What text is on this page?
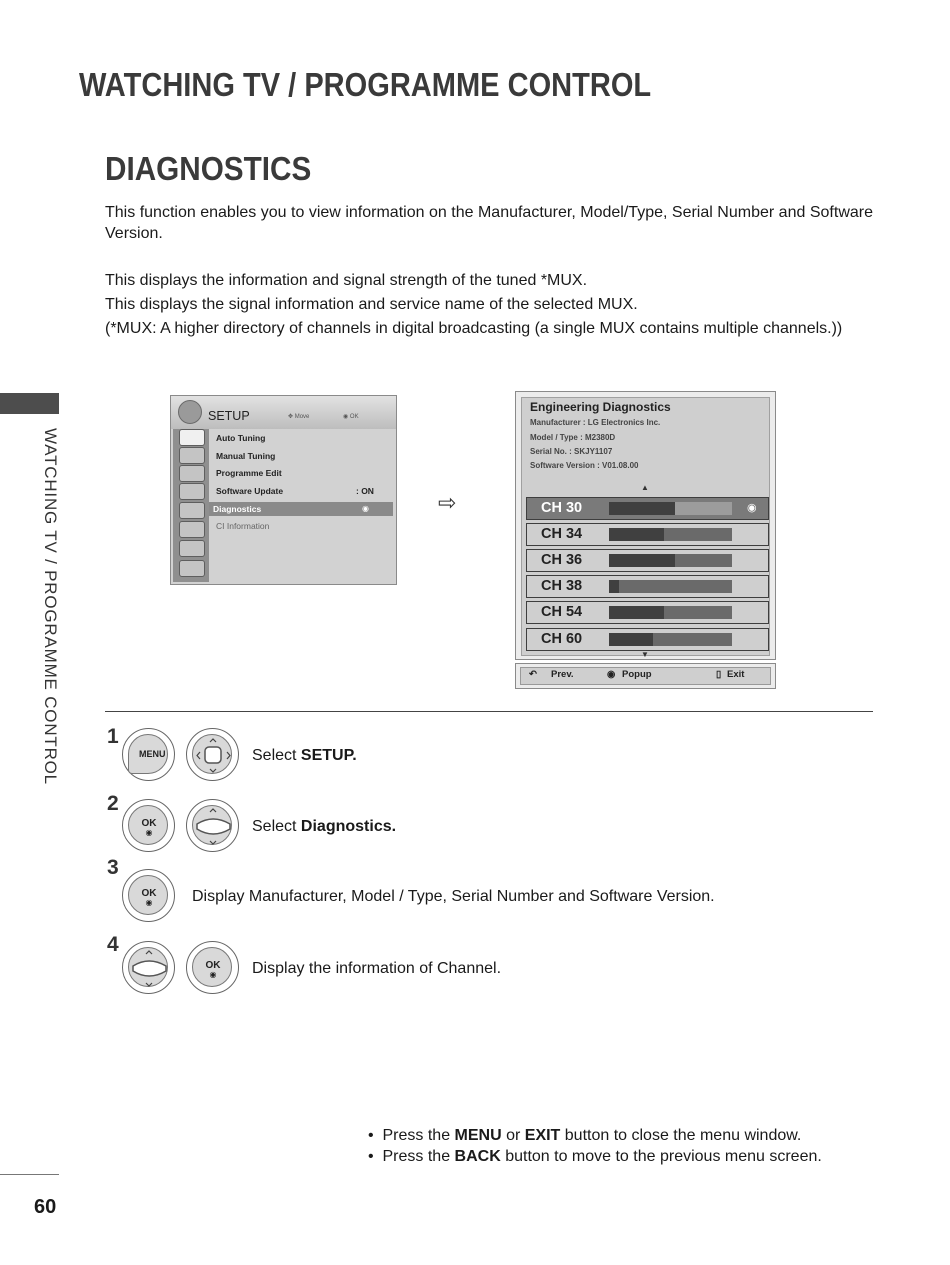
WATCHING TV / PROGRAMME CONTROL
DIAGNOSTICS
This function enables you to view information on the Manufacturer, Model/Type, Serial Number and Software Version.
This displays the information and signal strength of the tuned *MUX.
This displays the signal information and service name of the selected MUX.
(*MUX: A higher directory of channels in digital broadcasting (a single MUX contains multiple channels.))
WATCHING TV / PROGRAMME CONTROL
60
SETUP	✥ Move	◉ OK
Auto Tuning
Manual Tuning
Programme Edit
Software Update	: ON
Diagnostics	◉
CI Information
⇨
Engineering Diagnostics
Manufacturer : LG Electronics Inc.
Model / Type : M2380D
Serial No. : SKJY1107
Software Version : V01.08.00
▲
CH 30	◉
CH 34
CH 36
CH 38
CH 54
CH 60
▼
↶ Prev.	◉ Popup	▯ Exit
1
MENU	Select SETUP.
2
OK
◉	Select Diagnostics.
3
OK
◉	Display Manufacturer, Model / Type, Serial Number and Software Version.
4
OK
◉	Display the information of Channel.
•  Press the MENU or EXIT button to close the menu window.
•  Press the BACK button to move to the previous menu screen.
